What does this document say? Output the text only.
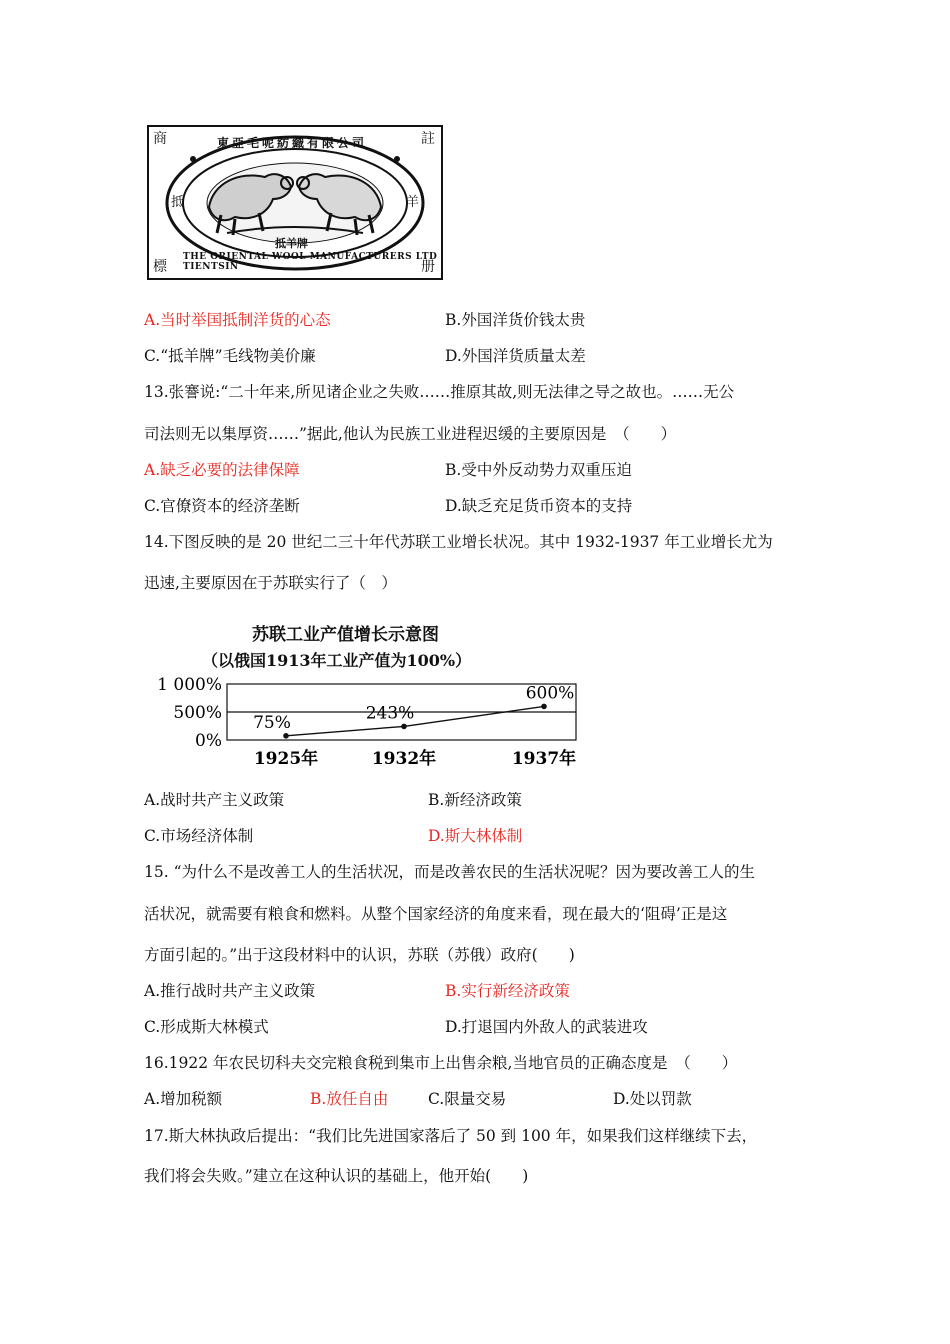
商	註
標	册
東亞毛呢紡織有限公司
抵	羊
抵羊牌
THE ORIENTAL WOOL MANUFACTURERS LTD TIENTSIN
A.当时举国抵制洋货的心态	B.外国洋货价钱太贵
C.“抵羊牌”毛线物美价廉	D.外国洋货质量太差
13.张謇说:“二十年来,所见诸企业之失败……推原其故,则无法律之导之故也。……无公
司法则无以集厚资……”据此,他认为民族工业进程迟缓的主要原因是　（　　）
A.缺乏必要的法律保障	B.受中外反动势力双重压迫
C.官僚资本的经济垄断	D.缺乏充足货币资本的支持
14.下图反映的是 20 世纪二三十年代苏联工业增长状况。其中 1932-1937 年工业增长尤为
迅速,主要原因在于苏联实行了（　）
苏联工业产值增长示意图
（以俄国1913年工业产值为100%）
1 000%
500%
0%
75%	243%
600%
1925年	1932年	1937年
A.战时共产主义政策	B.新经济政策
C.市场经济体制	D.斯大林体制
15. “为什么不是改善工人的生活状况，而是改善农民的生活状况呢？因为要改善工人的生
活状况，就需要有粮食和燃料。从整个国家经济的角度来看，现在最大的‘阻碍’正是这
方面引起的。”出于这段材料中的认识，苏联（苏俄）政府(　　)
A.推行战时共产主义政策	B.实行新经济政策
C.形成斯大林模式	D.打退国内外敌人的武装进攻
16.1922 年农民切科夫交完粮食税到集市上出售余粮,当地官员的正确态度是　（　　）
A.增加税额	B.放任自由	C.限量交易	D.处以罚款
17.斯大林执政后提出：“我们比先进国家落后了 50 到 100 年，如果我们这样继续下去，
我们将会失败。”建立在这种认识的基础上，他开始(　　)
